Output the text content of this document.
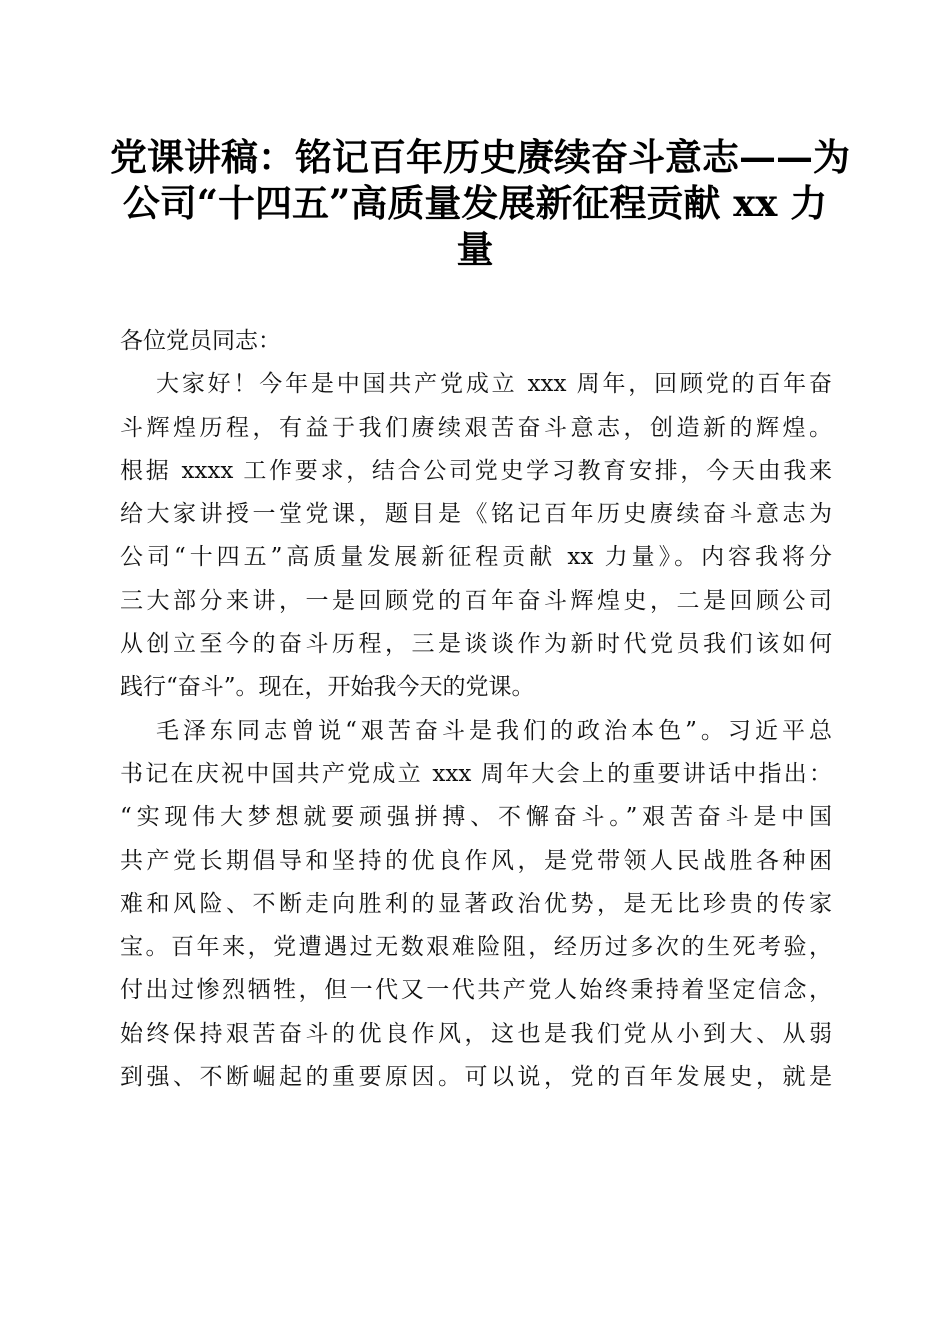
党课讲稿：铭记百年历史赓续奋斗意志——为
公司“十四五”高质量发展新征程贡献 xx 力
量
各位党员同志：
大家好！今年是中国共产党成立 xxx 周年，回顾党的百年奋
斗辉煌历程，有益于我们赓续艰苦奋斗意志，创造新的辉煌。
根据 xxxx 工作要求，结合公司党史学习教育安排，今天由我来
给大家讲授一堂党课，题目是《铭记百年历史赓续奋斗意志为
公司“十四五”高质量发展新征程贡献 xx 力量》。内容我将分
三大部分来讲，一是回顾党的百年奋斗辉煌史，二是回顾公司
从创立至今的奋斗历程，三是谈谈作为新时代党员我们该如何
践行“奋斗”。现在，开始我今天的党课。
毛泽东同志曾说“艰苦奋斗是我们的政治本色”。习近平总
书记在庆祝中国共产党成立 xxx 周年大会上的重要讲话中指出：
“实现伟大梦想就要顽强拼搏、不懈奋斗。”艰苦奋斗是中国
共产党长期倡导和坚持的优良作风，是党带领人民战胜各种困
难和风险、不断走向胜利的显著政治优势，是无比珍贵的传家
宝。百年来，党遭遇过无数艰难险阻，经历过多次的生死考验，
付出过惨烈牺牲，但一代又一代共产党人始终秉持着坚定信念，
始终保持艰苦奋斗的优良作风，这也是我们党从小到大、从弱
到强、不断崛起的重要原因。可以说，党的百年发展史，就是
